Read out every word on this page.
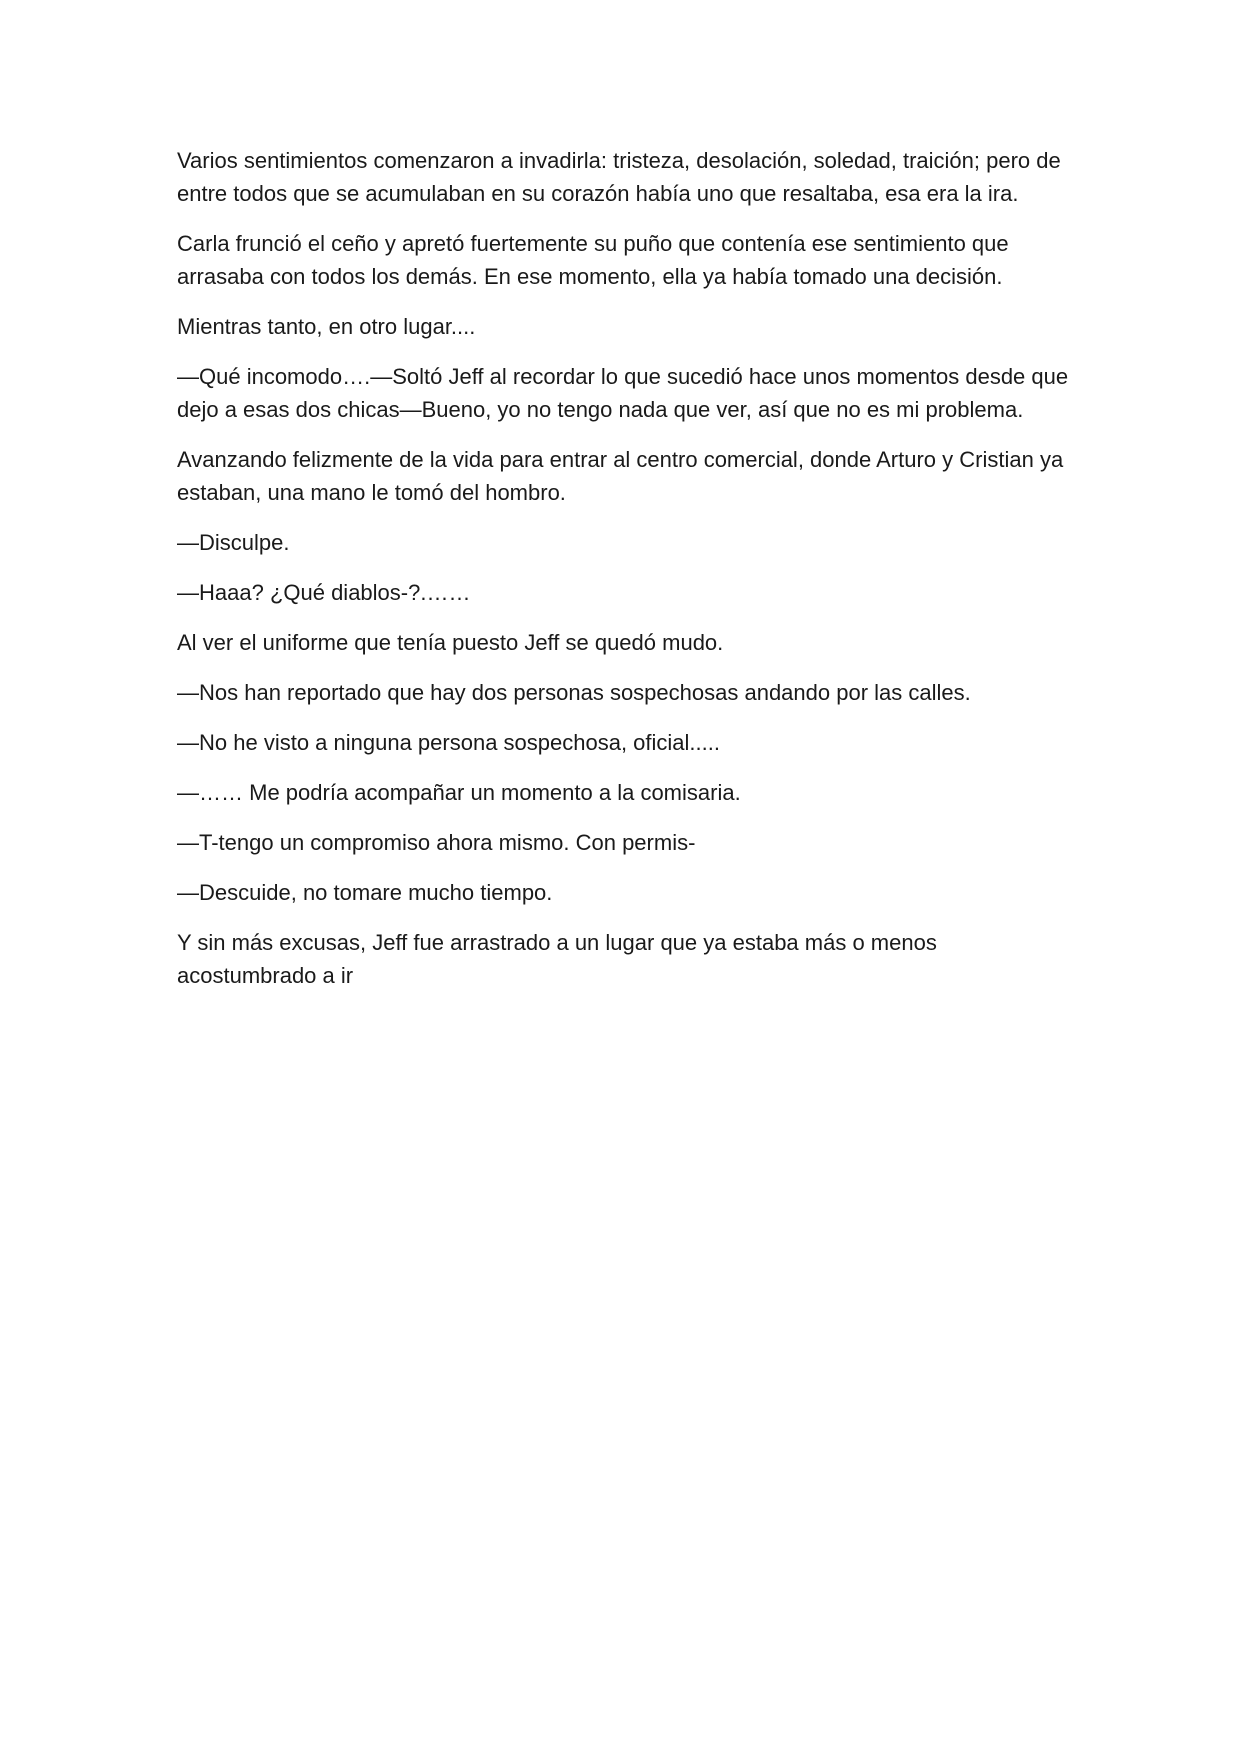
Varios sentimientos comenzaron a invadirla: tristeza, desolación, soledad, traición; pero de entre todos que se acumulaban en su corazón había uno que resaltaba, esa era la ira.

Carla frunció el ceño y apretó fuertemente su puño que contenía ese sentimiento que arrasaba con todos los demás. En ese momento, ella ya había tomado una decisión.

Mientras tanto, en otro lugar....

—Qué incomodo….—Soltó Jeff al recordar lo que sucedió hace unos momentos desde que dejo a esas dos chicas—Bueno, yo no tengo nada que ver, así que no es mi problema.

Avanzando felizmente de la vida para entrar al centro comercial, donde Arturo y Cristian ya estaban, una mano le tomó del hombro.

—Disculpe.

—Haaa? ¿Qué diablos-?.……

Al ver el uniforme que tenía puesto Jeff se quedó mudo.

—Nos han reportado que hay dos personas sospechosas andando por las calles.

—No he visto a ninguna persona sospechosa, oficial.....

—…… Me podría acompañar un momento a la comisaria.

—T-tengo un compromiso ahora mismo. Con permis-

—Descuide, no tomare mucho tiempo.

Y sin más excusas, Jeff fue arrastrado a un lugar que ya estaba más o menos acostumbrado a ir
